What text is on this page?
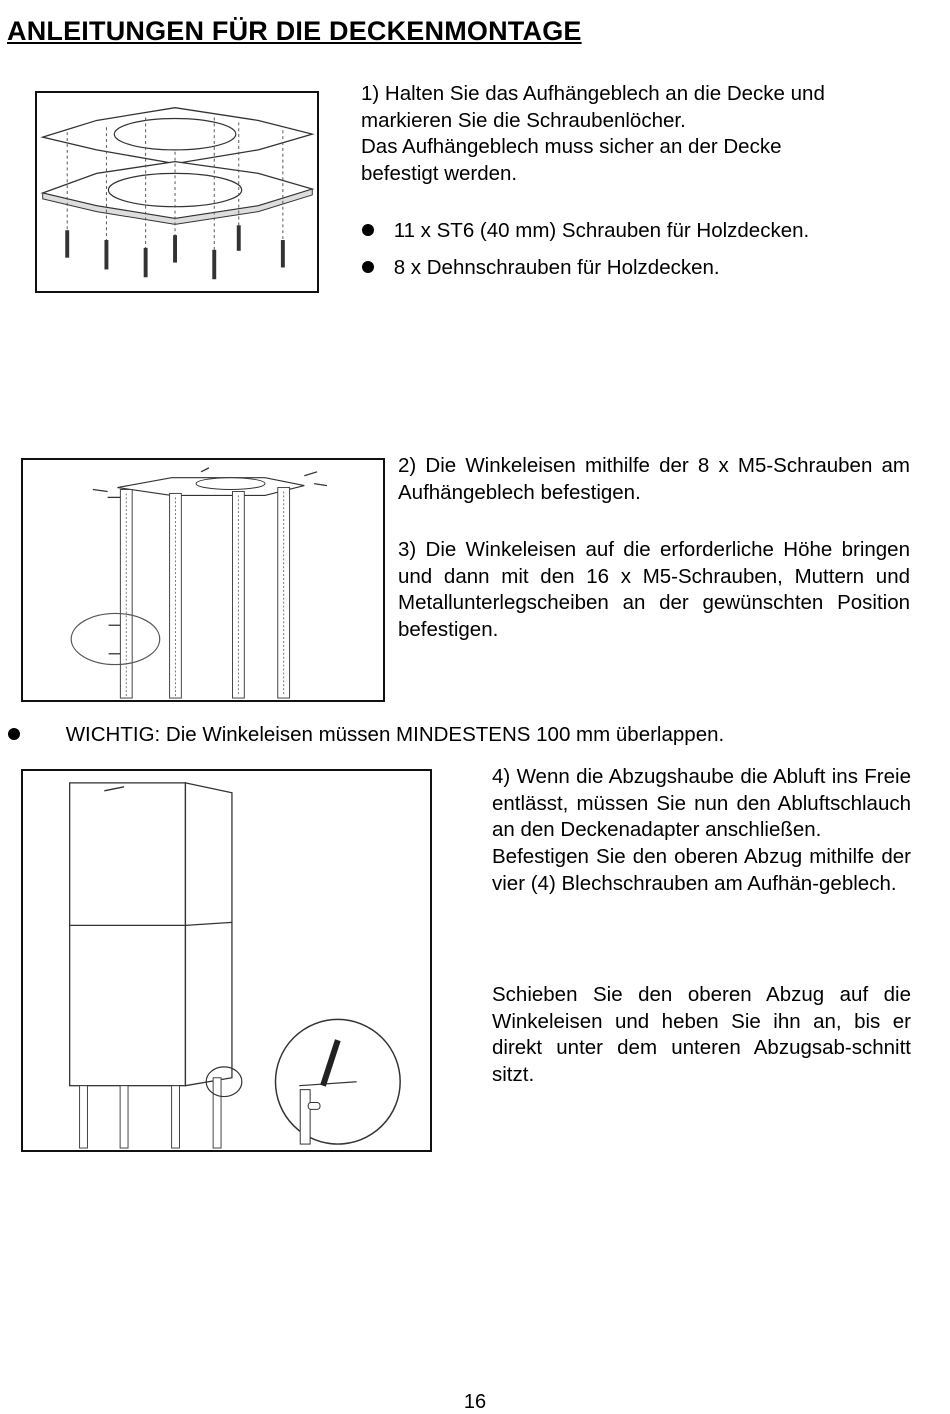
ANLEITUNGEN FÜR DIE DECKENMONTAGE

1) Halten Sie das Aufhängeblech an die Decke und

markieren Sie die Schraubenlöcher.

Das Aufhängeblech muss sicher an der Decke

befestigt werden.

11 x ST6 (40 mm) Schrauben für Holzdecken.
8 x Dehnschrauben für Holzdecken.

2) Die Winkeleisen mithilfe der 8 x M5-Schrauben am Aufhängeblech befestigen.

3) Die Winkeleisen auf die erforderliche Höhe bringen und dann mit den 16 x M5-Schrauben, Muttern und Metallunterlegscheiben an der gewünschten Position befestigen.

WICHTIG: Die Winkeleisen müssen MINDESTENS 100 mm überlappen.

4) Wenn die Abzugshaube die Abluft ins Freie entlässt, müssen Sie nun den Abluftschlauch an den Deckenadapter anschließen.

Befestigen Sie den oberen Abzug mithilfe der vier (4) Blechschrauben am Aufhän-geblech.

Schieben Sie den oberen Abzug auf die Winkeleisen und heben Sie ihn an, bis er direkt unter dem unteren Abzugsab-schnitt sitzt.

16
